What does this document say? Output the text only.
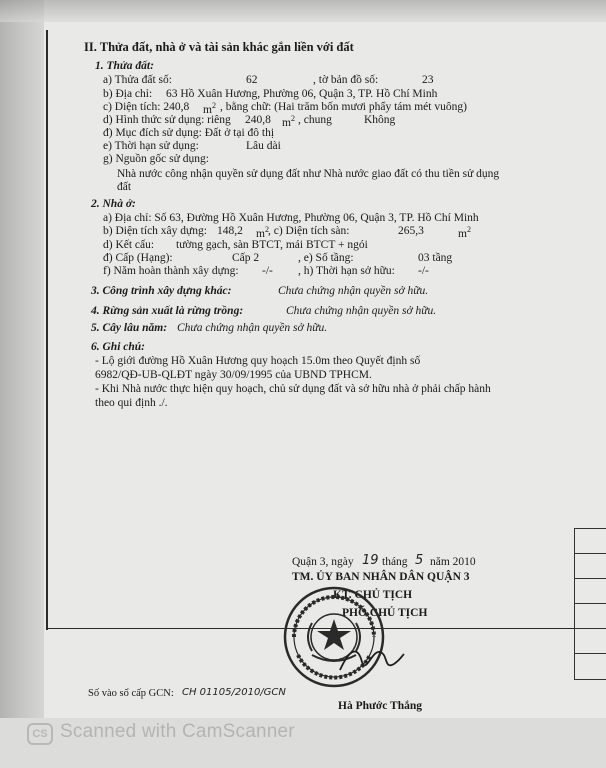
II. Thửa đất, nhà ở và tài sản khác gắn liền với đất
1. Thửa đất:
a) Thửa đất số:	62	, tờ bản đồ số:	23
b) Địa chỉ: 63 Hồ Xuân Hương, Phường 06, Quận 3, TP. Hồ Chí Minh
c) Diện tích: 240,8 $m^2$ , bằng chữ: (Hai trăm bốn mươi phẩy tám mét vuông)
d) Hình thức sử dụng: riêng 240,8 $m^2$ , chung	Không
đ) Mục đích sử dụng: Đất ở tại đô thị
e) Thời hạn sử dụng:	Lâu dài
g) Nguồn gốc sử dụng:
Nhà nước công nhận quyền sử dụng đất như Nhà nước giao đất có thu tiền sử dụng
đất
2. Nhà ở:
a) Địa chỉ: Số 63, Đường Hồ Xuân Hương, Phường 06, Quận 3, TP. Hồ Chí Minh
b) Diện tích xây dựng: 148,2 $m^2$ , c) Diện tích sàn:	265,3	$m^2$
d) Kết cấu: tường gạch, sàn BTCT, mái BTCT + ngói
đ) Cấp (Hạng):	Cấp 2	, e) Số tầng:	03 tầng
f) Năm hoàn thành xây dựng: -/- , h) Thời hạn sở hữu: -/-
3. Công trình xây dựng khác:	Chưa chứng nhận quyền sở hữu.
4. Rừng sản xuất là rừng trồng:	Chưa chứng nhận quyền sở hữu.
5. Cây lâu năm: Chưa chứng nhận quyền sở hữu.
6. Ghi chú:
- Lộ giới đường Hồ Xuân Hương quy hoạch 15.0m theo Quyết định số
6982/QĐ-UB-QLĐT ngày 30/09/1995 của UBND TPHCM.
- Khi Nhà nước thực hiện quy hoạch, chủ sử dụng đất và sở hữu nhà ở phải chấp hành
theo qui định ./.
Quận 3, ngày 19 tháng 5 năm 2010
TM. ỦY BAN NHÂN DÂN QUẬN 3
KT. CHỦ TỊCH
PHÓ CHỦ TỊCH
Hà Phước Thắng
Số vào sổ cấp GCN: CH 01105/2010/GCN
CS Scanned with CamScanner
